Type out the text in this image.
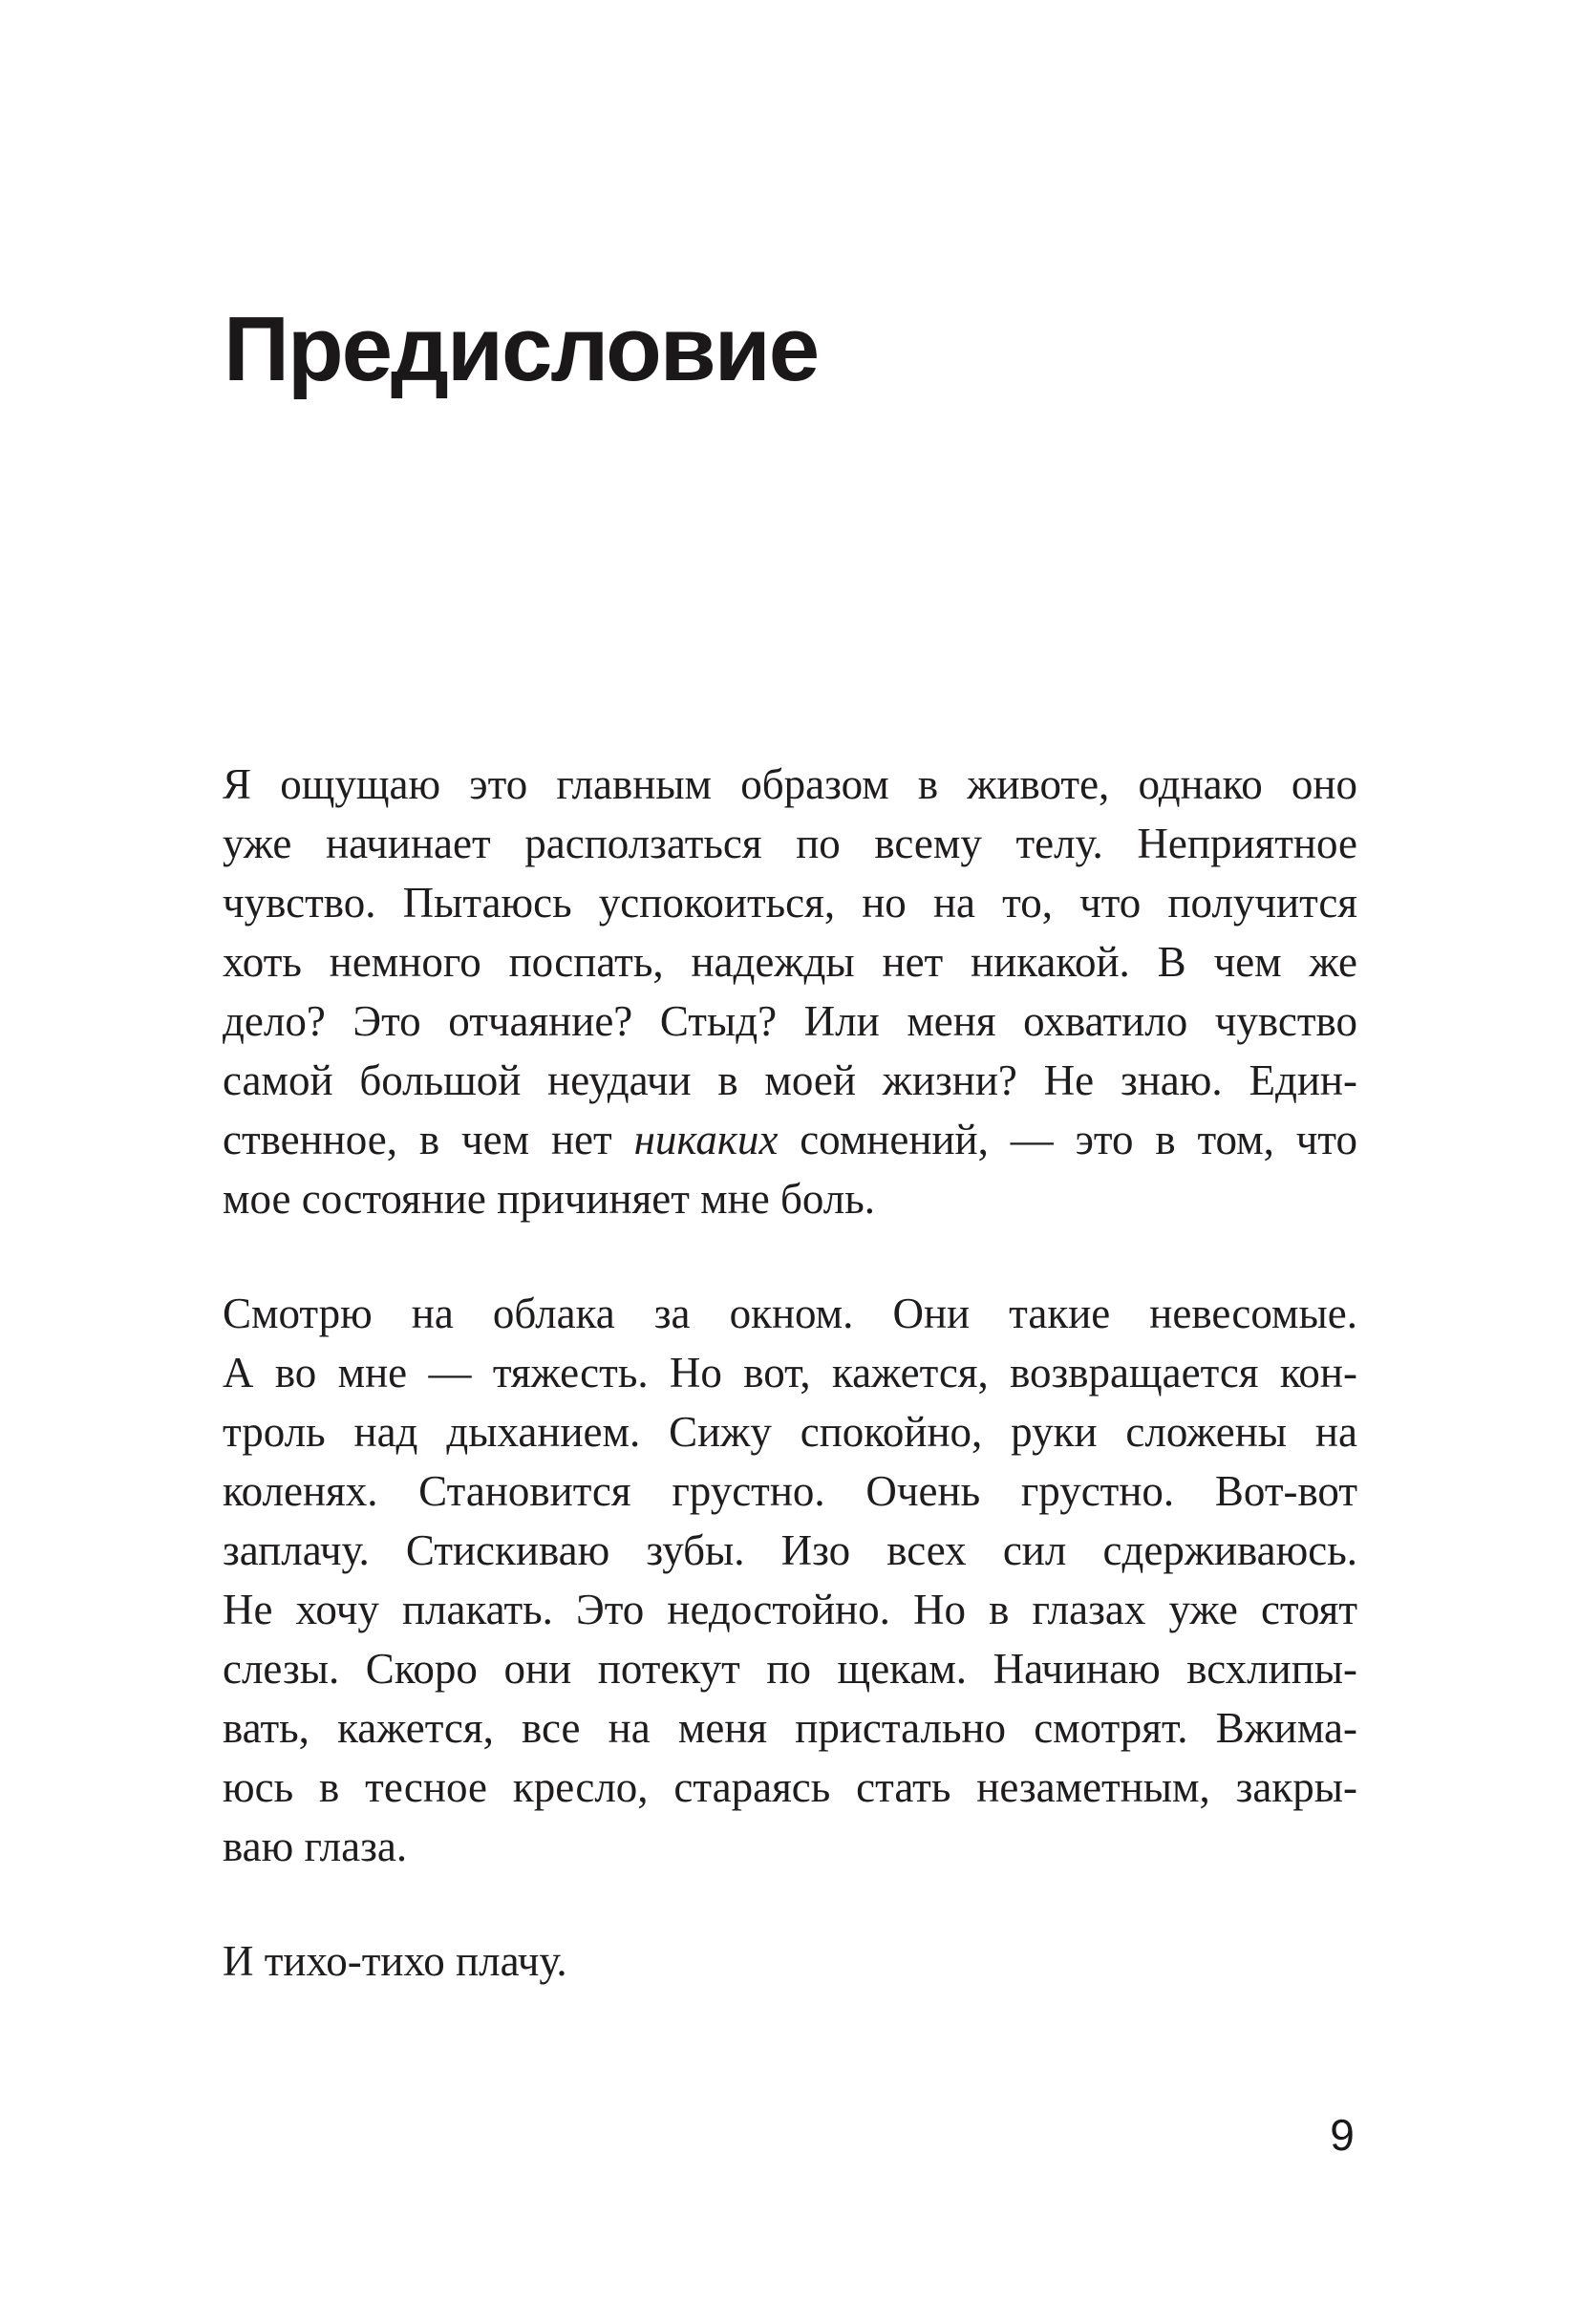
Предисловие
Я ощущаю это главным образом в животе, однако оно
уже начинает расползаться по всему телу. Неприятное
чувство. Пытаюсь успокоиться, но на то, что получится
хоть немного поспать, надежды нет никакой. В чем же
дело? Это отчаяние? Стыд? Или меня охватило чувство
самой большой неудачи в моей жизни? Не знаю. Един-
ственное, в чем нет никаких сомнений, — это в том, что
мое состояние причиняет мне боль.
Смотрю на облака за окном. Они такие невесомые.
А во мне — тяжесть. Но вот, кажется, возвращается кон-
троль над дыханием. Сижу спокойно, руки сложены на
коленях. Становится грустно. Очень грустно. Вот-вот
заплачу. Стискиваю зубы. Изо всех сил сдерживаюсь.
Не хочу плакать. Это недостойно. Но в глазах уже стоят
слезы. Скоро они потекут по щекам. Начинаю всхлипы-
вать, кажется, все на меня пристально смотрят. Вжима-
юсь в тесное кресло, стараясь стать незаметным, закры-
ваю глаза.
И тихо-тихо плачу.
9
